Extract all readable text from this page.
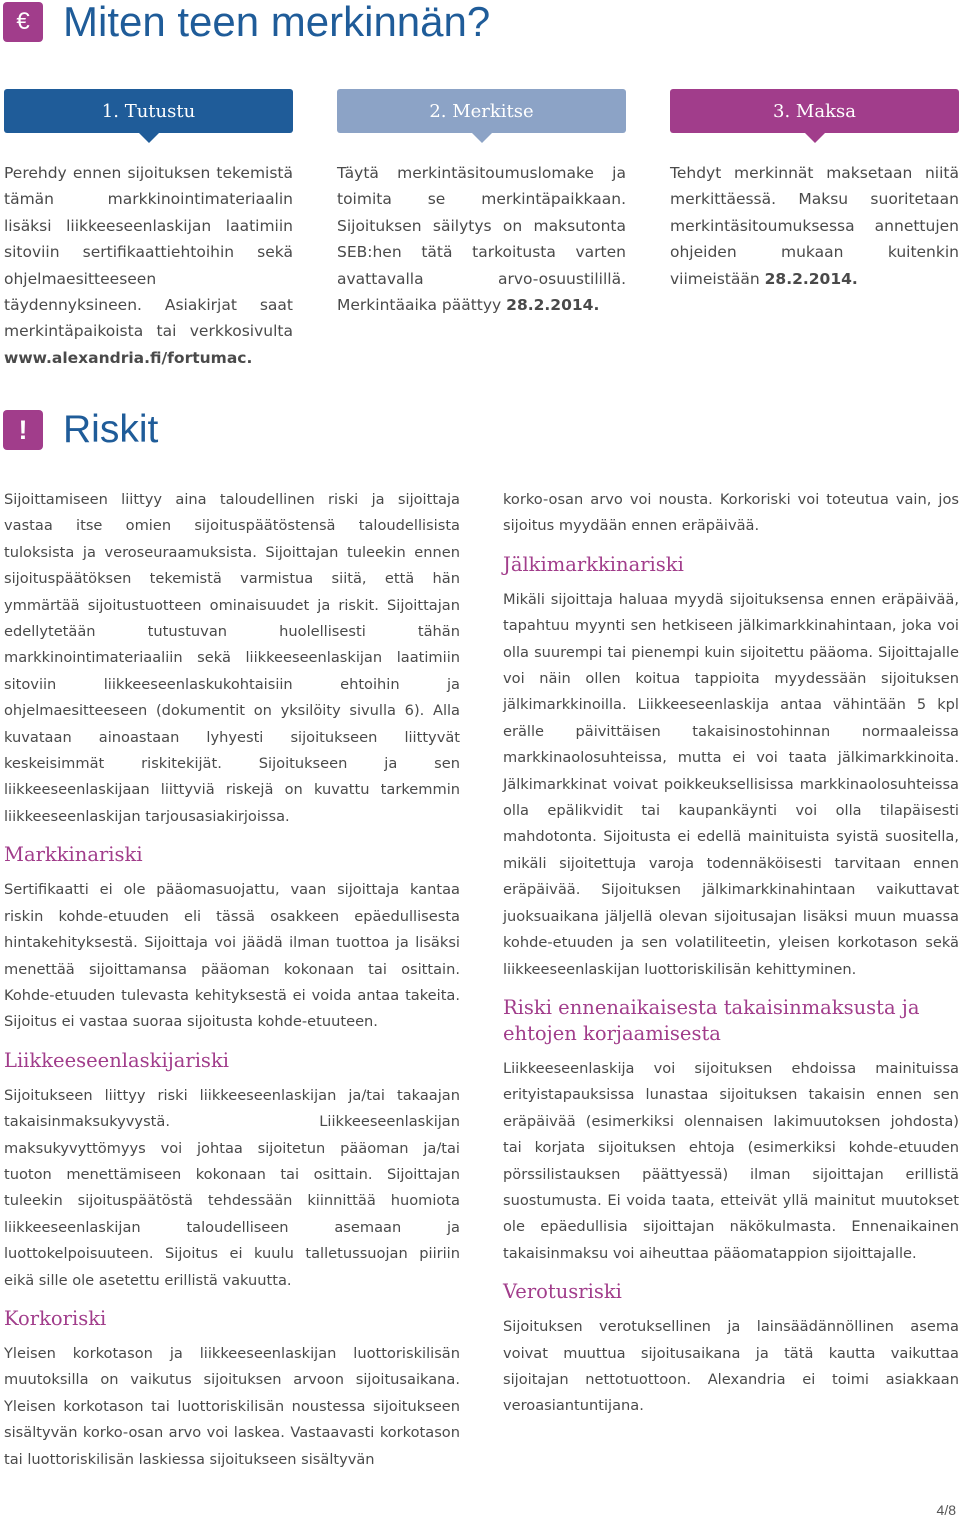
€ Miten teen merkinnän?
1. Tutustu	2. Merkitse	3. Maksa

Perehdy ennen sijoituksen tekemistä tämän markkinointimateriaalin lisäksi liikkeeseenlaskijan laatimiin sitoviin sertifikaattiehtoihin sekä ohjelmaesitteeseen täydennyksineen. Asiakirjat saat merkintäpaikoista tai verkkosivulta www.alexandria.fi/fortumac.

Täytä merkintäsitoumuslomake ja toimita se merkintäpaikkaan. Sijoituksen säilytys on maksutonta SEB:hen tätä tarkoitusta varten avattavalla arvo-osuustilillä. Merkintäaika päättyy 28.2.2014.

Tehdyt merkinnät maksetaan niitä merkittäessä. Maksu suoritetaan merkintäsitoumuksessa annettujen ohjeiden mukaan kuitenkin viimeistään 28.2.2014.

! Riskit

Sijoittamiseen liittyy aina taloudellinen riski ja sijoittaja vastaa itse omien sijoituspäätöstensä taloudellisista tuloksista ja veroseuraamuksista. Sijoittajan tuleekin ennen sijoituspäätöksen tekemistä varmistua siitä, että hän ymmärtää sijoitustuotteen ominaisuudet ja riskit. Sijoittajan edellytetään tutustuvan huolellisesti tähän markkinointimateriaaliin sekä liikkeeseenlaskijan laatimiin sitoviin liikkeeseenlaskukohtaisiin ehtoihin ja ohjelmaesitteeseen (dokumentit on yksilöity sivulla 6). Alla kuvataan ainoastaan lyhyesti sijoitukseen liittyvät keskeisimmät riskitekijät. Sijoitukseen ja sen liikkeeseenlaskijaan liittyviä riskejä on kuvattu tarkemmin liikkeeseenlaskijan tarjousasiakirjoissa.

Markkinariski

Sertifikaatti ei ole pääomasuojattu, vaan sijoittaja kantaa riskin kohde-etuuden eli tässä osakkeen epäedullisesta hintakehityksestä. Sijoittaja voi jäädä ilman tuottoa ja lisäksi menettää sijoittamansa pääoman kokonaan tai osittain. Kohde-etuuden tulevasta kehityksestä ei voida antaa takeita. Sijoitus ei vastaa suoraa sijoitusta kohde-etuuteen.

Liikkeeseenlaskijariski

Sijoitukseen liittyy riski liikkeeseenlaskijan ja/tai takaajan takaisinmaksukyvystä. Liikkeeseenlaskijan maksukyvyttömyys voi johtaa sijoitetun pääoman ja/tai tuoton menettämiseen kokonaan tai osittain. Sijoittajan tuleekin sijoituspäätöstä tehdessään kiinnittää huomiota liikkeeseenlaskijan taloudelliseen asemaan ja luottokelpoisuuteen. Sijoitus ei kuulu talletussuojan piiriin eikä sille ole asetettu erillistä vakuutta.

Korkoriski

Yleisen korkotason ja liikkeeseenlaskijan luottoriskilisän muutoksilla on vaikutus sijoituksen arvoon sijoitusaikana. Yleisen korkotason tai luottoriskilisän noustessa sijoitukseen sisältyvän korko-osan arvo voi laskea. Vastaavasti korkotason tai luottoriskilisän laskiessa sijoitukseen sisältyvän

korko-osan arvo voi nousta. Korkoriski voi toteutua vain, jos sijoitus myydään ennen eräpäivää.

Jälkimarkkinariski

Mikäli sijoittaja haluaa myydä sijoituksensa ennen eräpäivää, tapahtuu myynti sen hetkiseen jälkimarkkinahintaan, joka voi olla suurempi tai pienempi kuin sijoitettu pääoma. Sijoittajalle voi näin ollen koitua tappioita myydessään sijoituksen jälkimarkkinoilla. Liikkeeseenlaskija antaa vähintään 5 kpl erälle päivittäisen takaisinostohinnan normaaleissa markkinaolosuhteissa, mutta ei voi taata jälkimarkkinoita. Jälkimarkkinat voivat poikkeuksellisissa markkinaolosuhteissa olla epälikvidit tai kaupankäynti voi olla tilapäisesti mahdotonta. Sijoitusta ei edellä mainituista syistä suositella, mikäli sijoitettuja varoja todennäköisesti tarvitaan ennen eräpäivää. Sijoituksen jälkimarkkinahintaan vaikuttavat juoksuaikana jäljellä olevan sijoitusajan lisäksi muun muassa kohde-etuuden ja sen volatiliteetin, yleisen korkotason sekä liikkeeseenlaskijan luottoriskilisän kehittyminen.

Riski ennenaikaisesta takaisinmaksusta ja ehtojen korjaamisesta

Liikkeeseenlaskija voi sijoituksen ehdoissa mainituissa erityistapauksissa lunastaa sijoituksen takaisin ennen sen eräpäivää (esimerkiksi olennaisen lakimuutoksen johdosta) tai korjata sijoituksen ehtoja (esimerkiksi kohde-etuuden pörssilistauksen päättyessä) ilman sijoittajan erillistä suostumusta. Ei voida taata, etteivät yllä mainitut muutokset ole epäedullisia sijoittajan näkökulmasta. Ennenaikainen takaisinmaksu voi aiheuttaa pääomatappion sijoittajalle.

Verotusriski

Sijoituksen verotuksellinen ja lainsäädännöllinen asema voivat muuttua sijoitusaikana ja tätä kautta vaikuttaa sijoitajan nettotuottoon. Alexandria ei toimi asiakkaan veroasiantuntijana.

4/8
